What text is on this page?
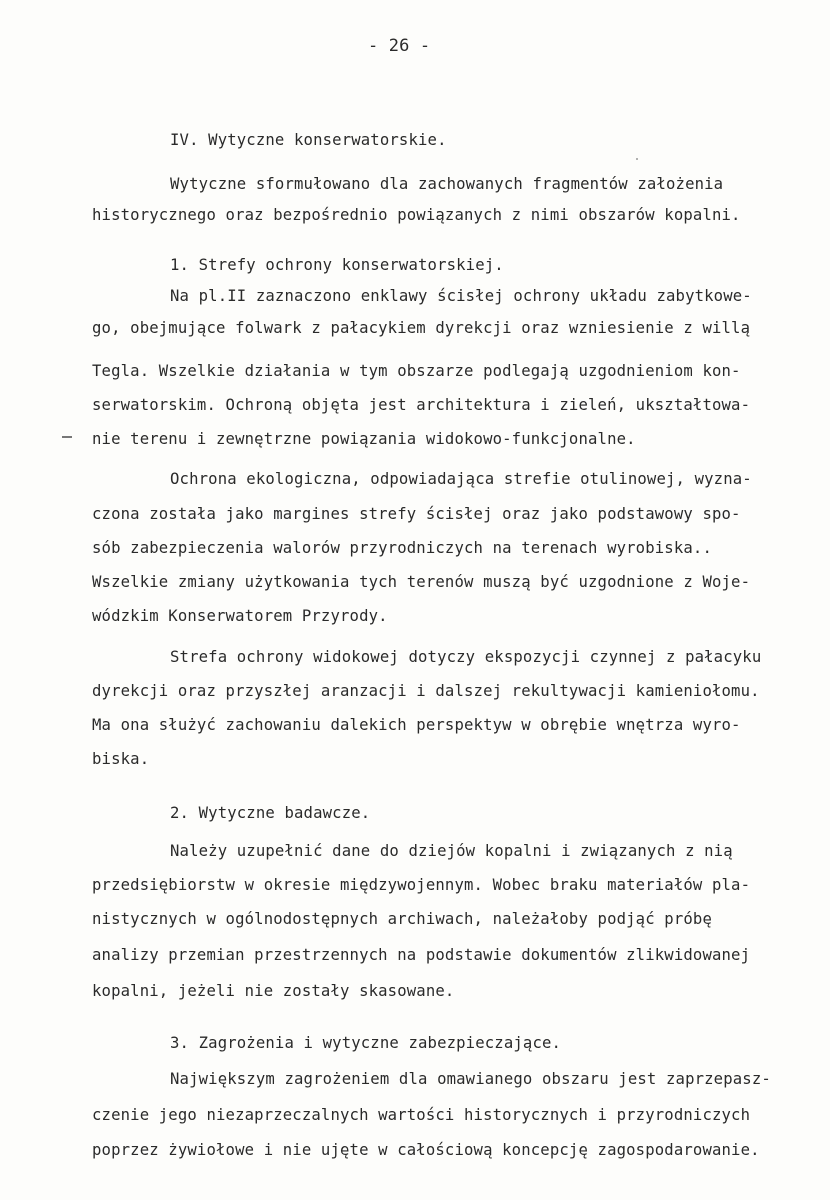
- 26 -
IV. Wytyczne konserwatorskie.
Wytyczne sformułowano dla zachowanych fragmentów założenia
historycznego oraz bezpośrednio powiązanych z nimi obszarów kopalni.
1. Strefy ochrony konserwatorskiej.
Na pl.II zaznaczono enklawy ścisłej ochrony układu zabytkowe-
go, obejmujące folwark z pałacykiem dyrekcji oraz wzniesienie z willą
Tegla. Wszelkie działania w tym obszarze podlegają uzgodnieniom kon-
serwatorskim. Ochroną objęta jest architektura i zieleń, ukształtowa-
nie terenu i zewnętrzne powiązania widokowo-funkcjonalne.
Ochrona ekologiczna, odpowiadająca strefie otulinowej, wyzna-
czona została jako margines strefy ścisłej oraz jako podstawowy spo-
sób zabezpieczenia walorów przyrodniczych na terenach wyrobiska..
Wszelkie zmiany użytkowania tych terenów muszą być uzgodnione z Woje-
wódzkim Konserwatorem Przyrody.
Strefa ochrony widokowej dotyczy ekspozycji czynnej z pałacyku
dyrekcji oraz przyszłej aranzacji i dalszej rekultywacji kamieniołomu.
Ma ona służyć zachowaniu dalekich perspektyw w obrębie wnętrza wyro-
biska.
2. Wytyczne badawcze.
Należy uzupełnić dane do dziejów kopalni i związanych z nią
przedsiębiorstw w okresie międzywojennym. Wobec braku materiałów pla-
nistycznych w ogólnodostępnych archiwach, należałoby podjąć próbę
analizy przemian przestrzennych na podstawie dokumentów zlikwidowanej
kopalni, jeżeli nie zostały skasowane.
3. Zagrożenia i wytyczne zabezpieczające.
Największym zagrożeniem dla omawianego obszaru jest zaprzepasz-
czenie jego niezaprzeczalnych wartości historycznych i przyrodniczych
poprzez żywiołowe i nie ujęte w całościową koncepcję zagospodarowanie.
